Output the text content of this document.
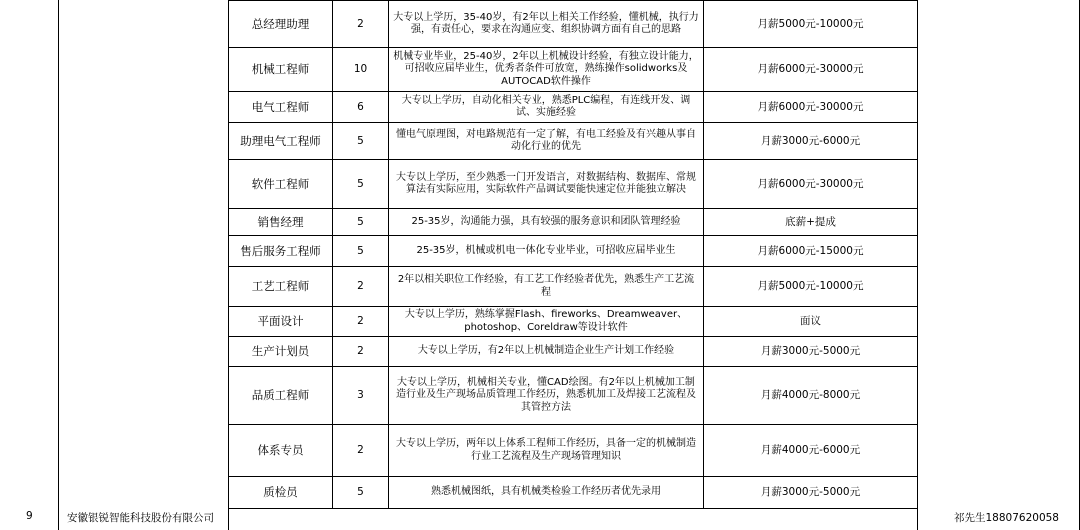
总经理助理	2	大专以上学历，35-40岁，有2年以上相关工作经验，懂机械，执行力强，有责任心，要求在沟通应变、组织协调方面有自己的思路	月薪5000元-10000元
机械工程师	10	机械专业毕业，25-40岁，2年以上机械设计经验，有独立设计能力，可招收应届毕业生，优秀者条件可放宽，熟练操作solidworks及AUTOCAD软件操作	月薪6000元-30000元
电气工程师	6	大专以上学历，自动化相关专业，熟悉PLC编程，有连线开发、调试、实施经验	月薪6000元-30000元
助理电气工程师	5	懂电气原理图，对电路规范有一定了解，有电工经验及有兴趣从事自动化行业的优先	月薪3000元-6000元
软件工程师	5	大专以上学历，至少熟悉一门开发语言，对数据结构、数据库、常规算法有实际应用，实际软件产品调试要能快速定位并能独立解决	月薪6000元-30000元
销售经理	5	25-35岁，沟通能力强，具有较强的服务意识和团队管理经验	底薪+提成
售后服务工程师	5	25-35岁，机械或机电一体化专业毕业，可招收应届毕业生	月薪6000元-15000元
工艺工程师	2	2年以相关职位工作经验，有工艺工作经验者优先，熟悉生产工艺流程	月薪5000元-10000元
平面设计	2	大专以上学历，熟练掌握Flash、fireworks、Dreamweaver、photoshop、Coreldraw等设计软件	面议
生产计划员	2	大专以上学历，有2年以上机械制造企业生产计划工作经验	月薪3000元-5000元
品质工程师	3	大专以上学历，机械相关专业，懂CAD绘图。有2年以上机械加工制造行业及生产现场品质管理工作经历，熟悉机加工及焊接工艺流程及其管控方法	月薪4000元-8000元
体系专员	2	大专以上学历，两年以上体系工程师工作经历，具备一定的机械制造行业工艺流程及生产现场管理知识	月薪4000元-6000元
质检员	5	熟悉机械图纸，具有机械类检验工作经历者优先录用	月薪3000元-5000元
9	安徽银锐智能科技股份有限公司	祁先生18807620058
